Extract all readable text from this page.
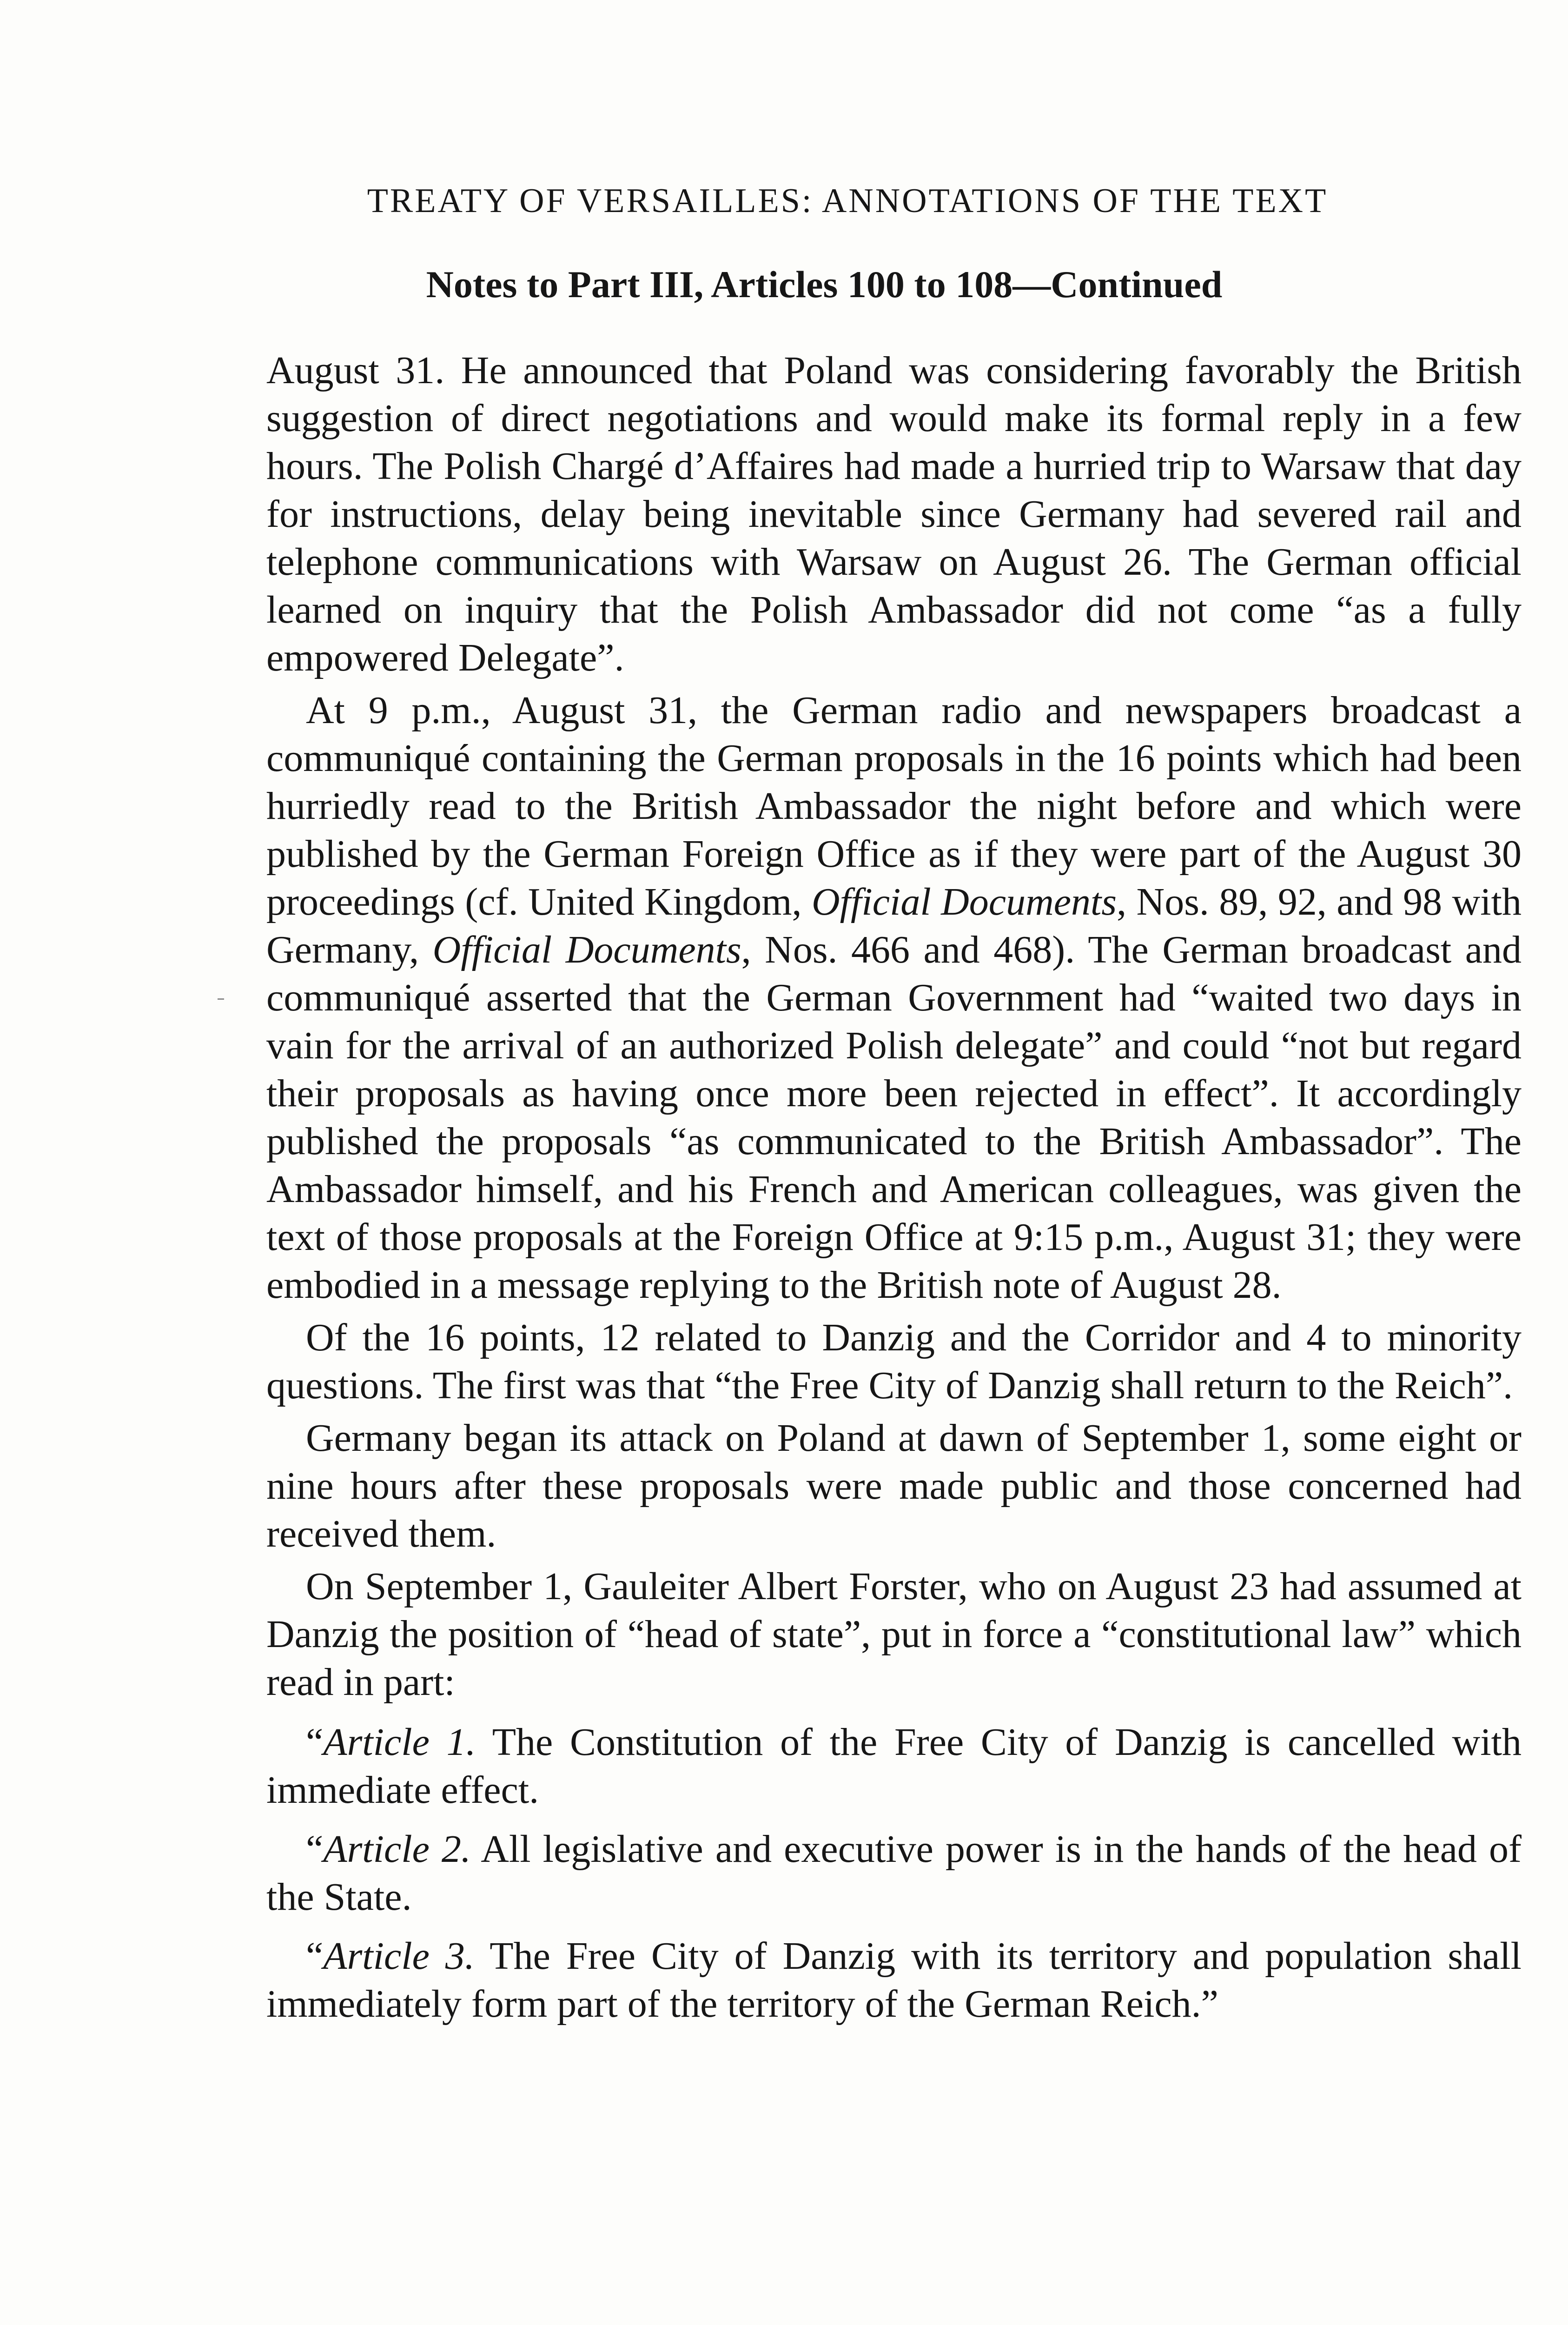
TREATY OF VERSAILLES: ANNOTATIONS OF THE TEXT
Notes to Part III, Articles 100 to 108—Continued

August 31. He announced that Poland was considering favorably the British suggestion of direct negotiations and would make its formal reply in a few hours. The Polish Chargé d’Affaires had made a hurried trip to Warsaw that day for instructions, delay being inevitable since Germany had severed rail and telephone communications with Warsaw on August 26. The German official learned on inquiry that the Polish Ambassador did not come “as a fully empowered Delegate”.

At 9 p.m., August 31, the German radio and newspapers broadcast a communiqué containing the German proposals in the 16 points which had been hurriedly read to the British Ambassador the night before and which were published by the German Foreign Office as if they were part of the August 30 proceedings (cf. United Kingdom, Official Documents, Nos. 89, 92, and 98 with Germany, Official Documents, Nos. 466 and 468). The German broadcast and communiqué asserted that the German Government had “waited two days in vain for the arrival of an authorized Polish delegate” and could “not but regard their proposals as having once more been rejected in effect”. It accordingly published the proposals “as communicated to the British Ambassador”. The Ambassador himself, and his French and American colleagues, was given the text of those proposals at the Foreign Office at 9:15 p.m., August 31; they were embodied in a message replying to the British note of August 28.

Of the 16 points, 12 related to Danzig and the Corridor and 4 to minority questions. The first was that “the Free City of Danzig shall return to the Reich”.

Germany began its attack on Poland at dawn of September 1, some eight or nine hours after these proposals were made public and those concerned had received them.

On September 1, Gauleiter Albert Forster, who on August 23 had assumed at Danzig the position of “head of state”, put in force a “constitutional law” which read in part:

“Article 1. The Constitution of the Free City of Danzig is cancelled with immediate effect.

“Article 2. All legislative and executive power is in the hands of the head of the State.

“Article 3. The Free City of Danzig with its territory and population shall immediately form part of the territory of the German Reich.”
